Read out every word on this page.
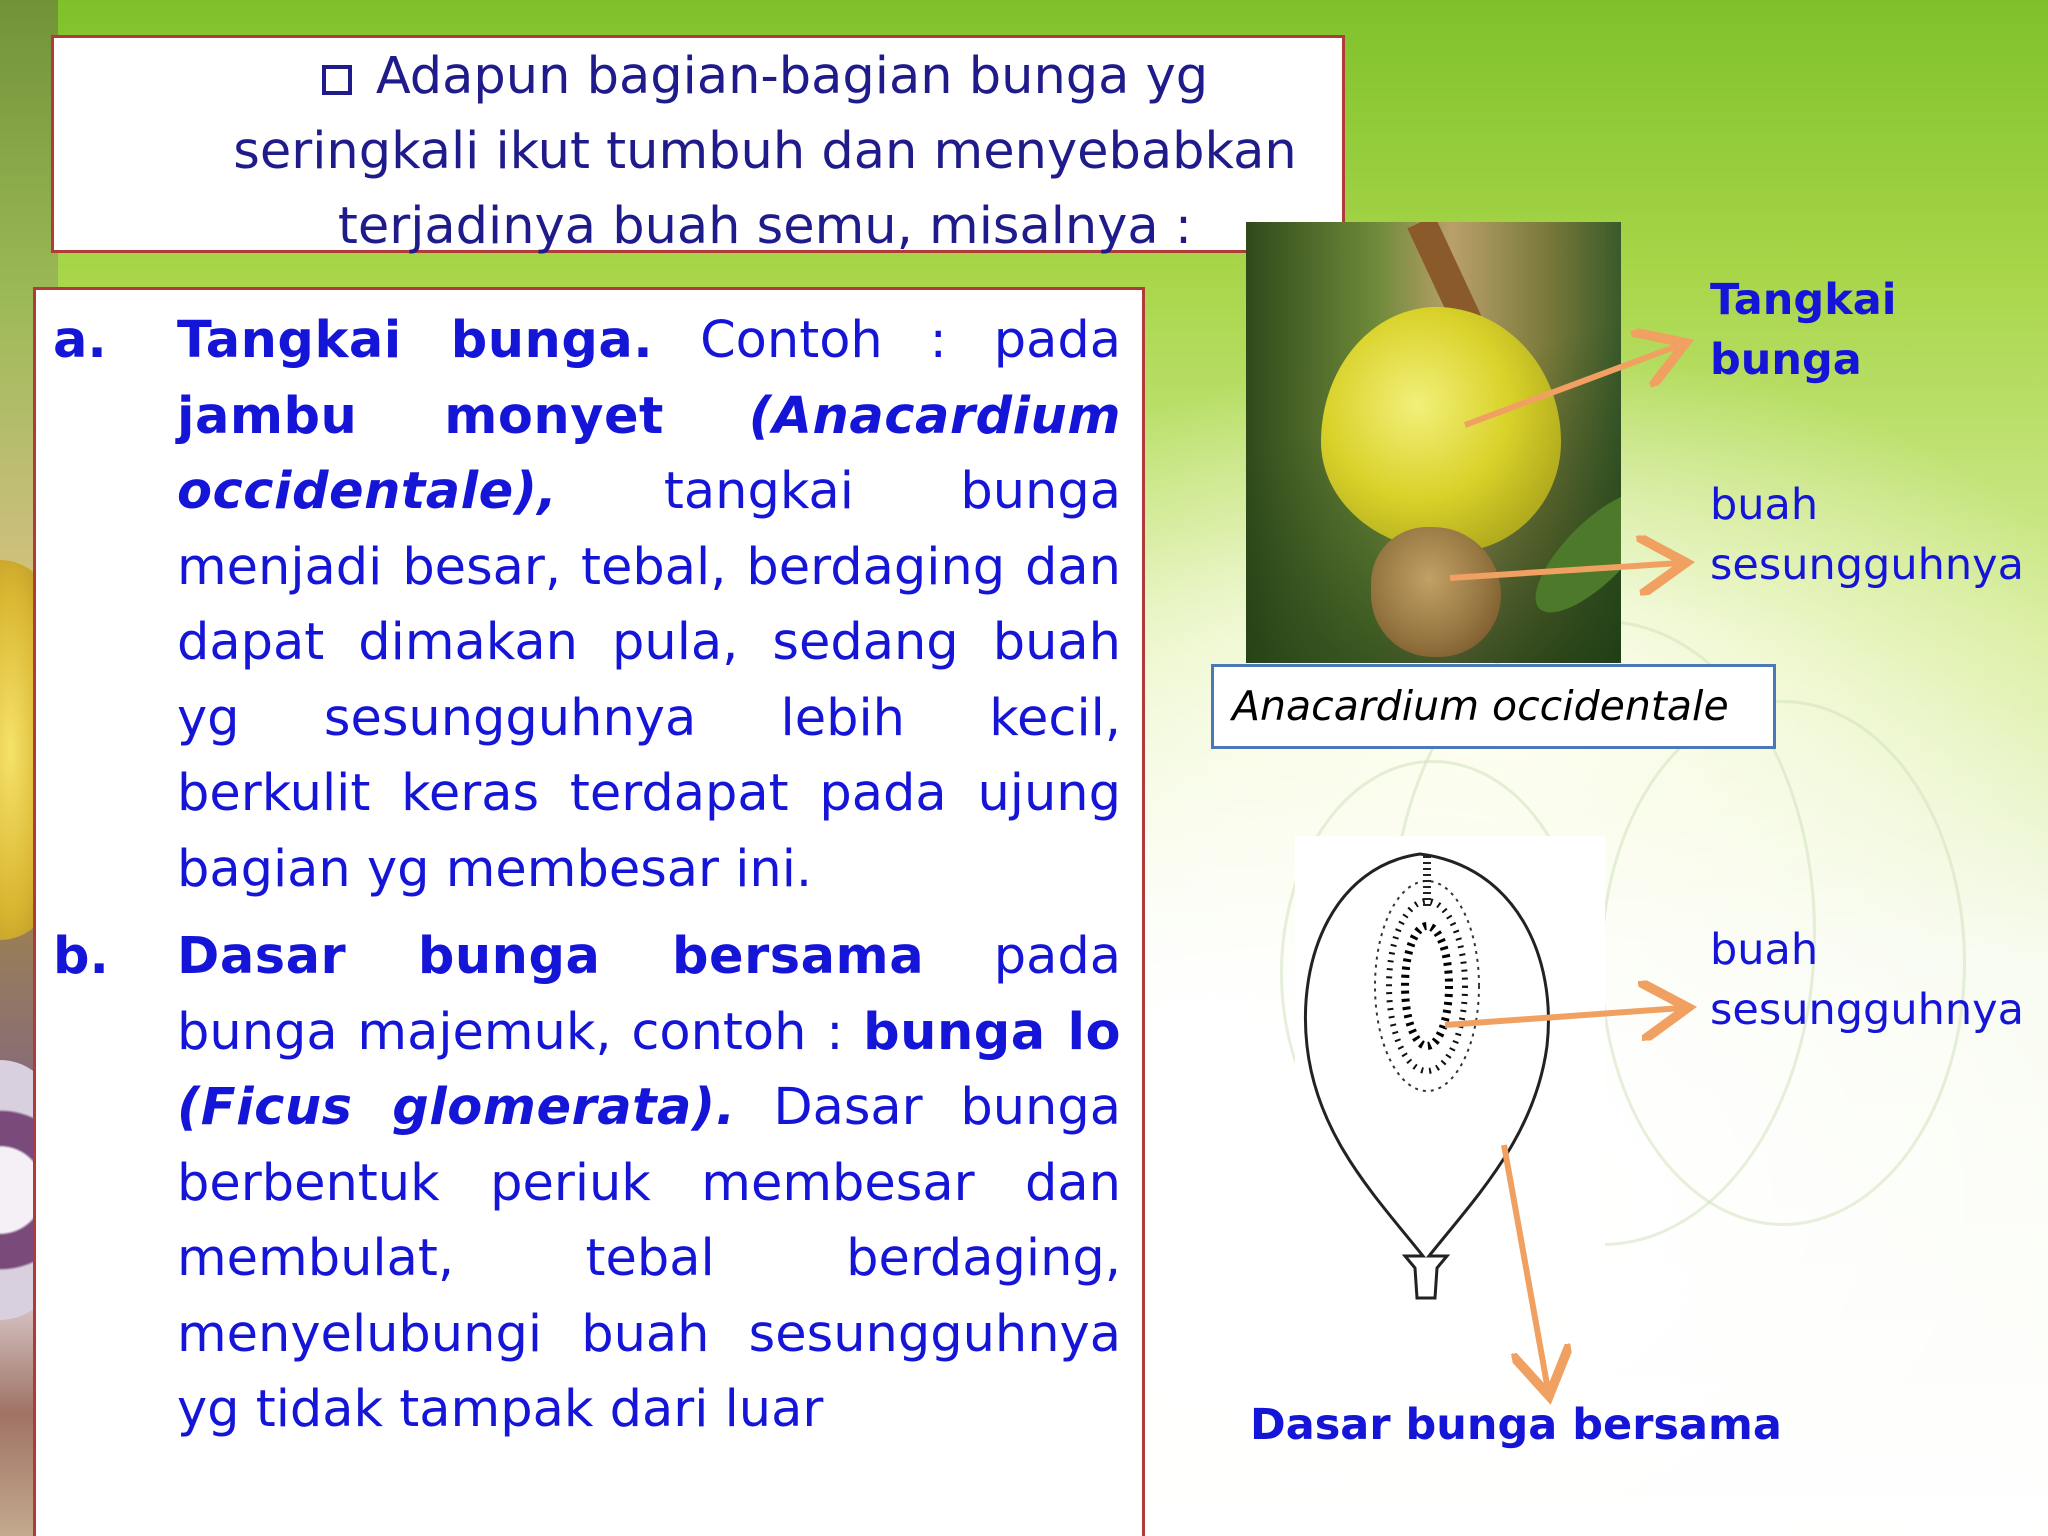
Adapun bagian-bagian bunga yg
seringkali ikut tumbuh dan menyebabkan
terjadinya buah semu, misalnya :
a. Tangkai bunga. Contoh : pada jambu monyet (Anacardium occidentale), tangkai bunga menjadi besar, tebal, berdaging dan dapat dimakan pula, sedang buah yg sesungguhnya lebih kecil, berkulit keras terdapat pada ujung bagian yg membesar ini.
b. Dasar bunga bersama pada bunga majemuk, contoh : bunga lo (Ficus glomerata). Dasar bunga berbentuk periuk membesar dan membulat, tebal berdaging, menyelubungi buah sesungguhnya yg tidak tampak dari luar
Anacardium occidentale
Tangkai
bunga
buah
sesungguhnya
buah
sesungguhnya
Dasar bunga bersama
